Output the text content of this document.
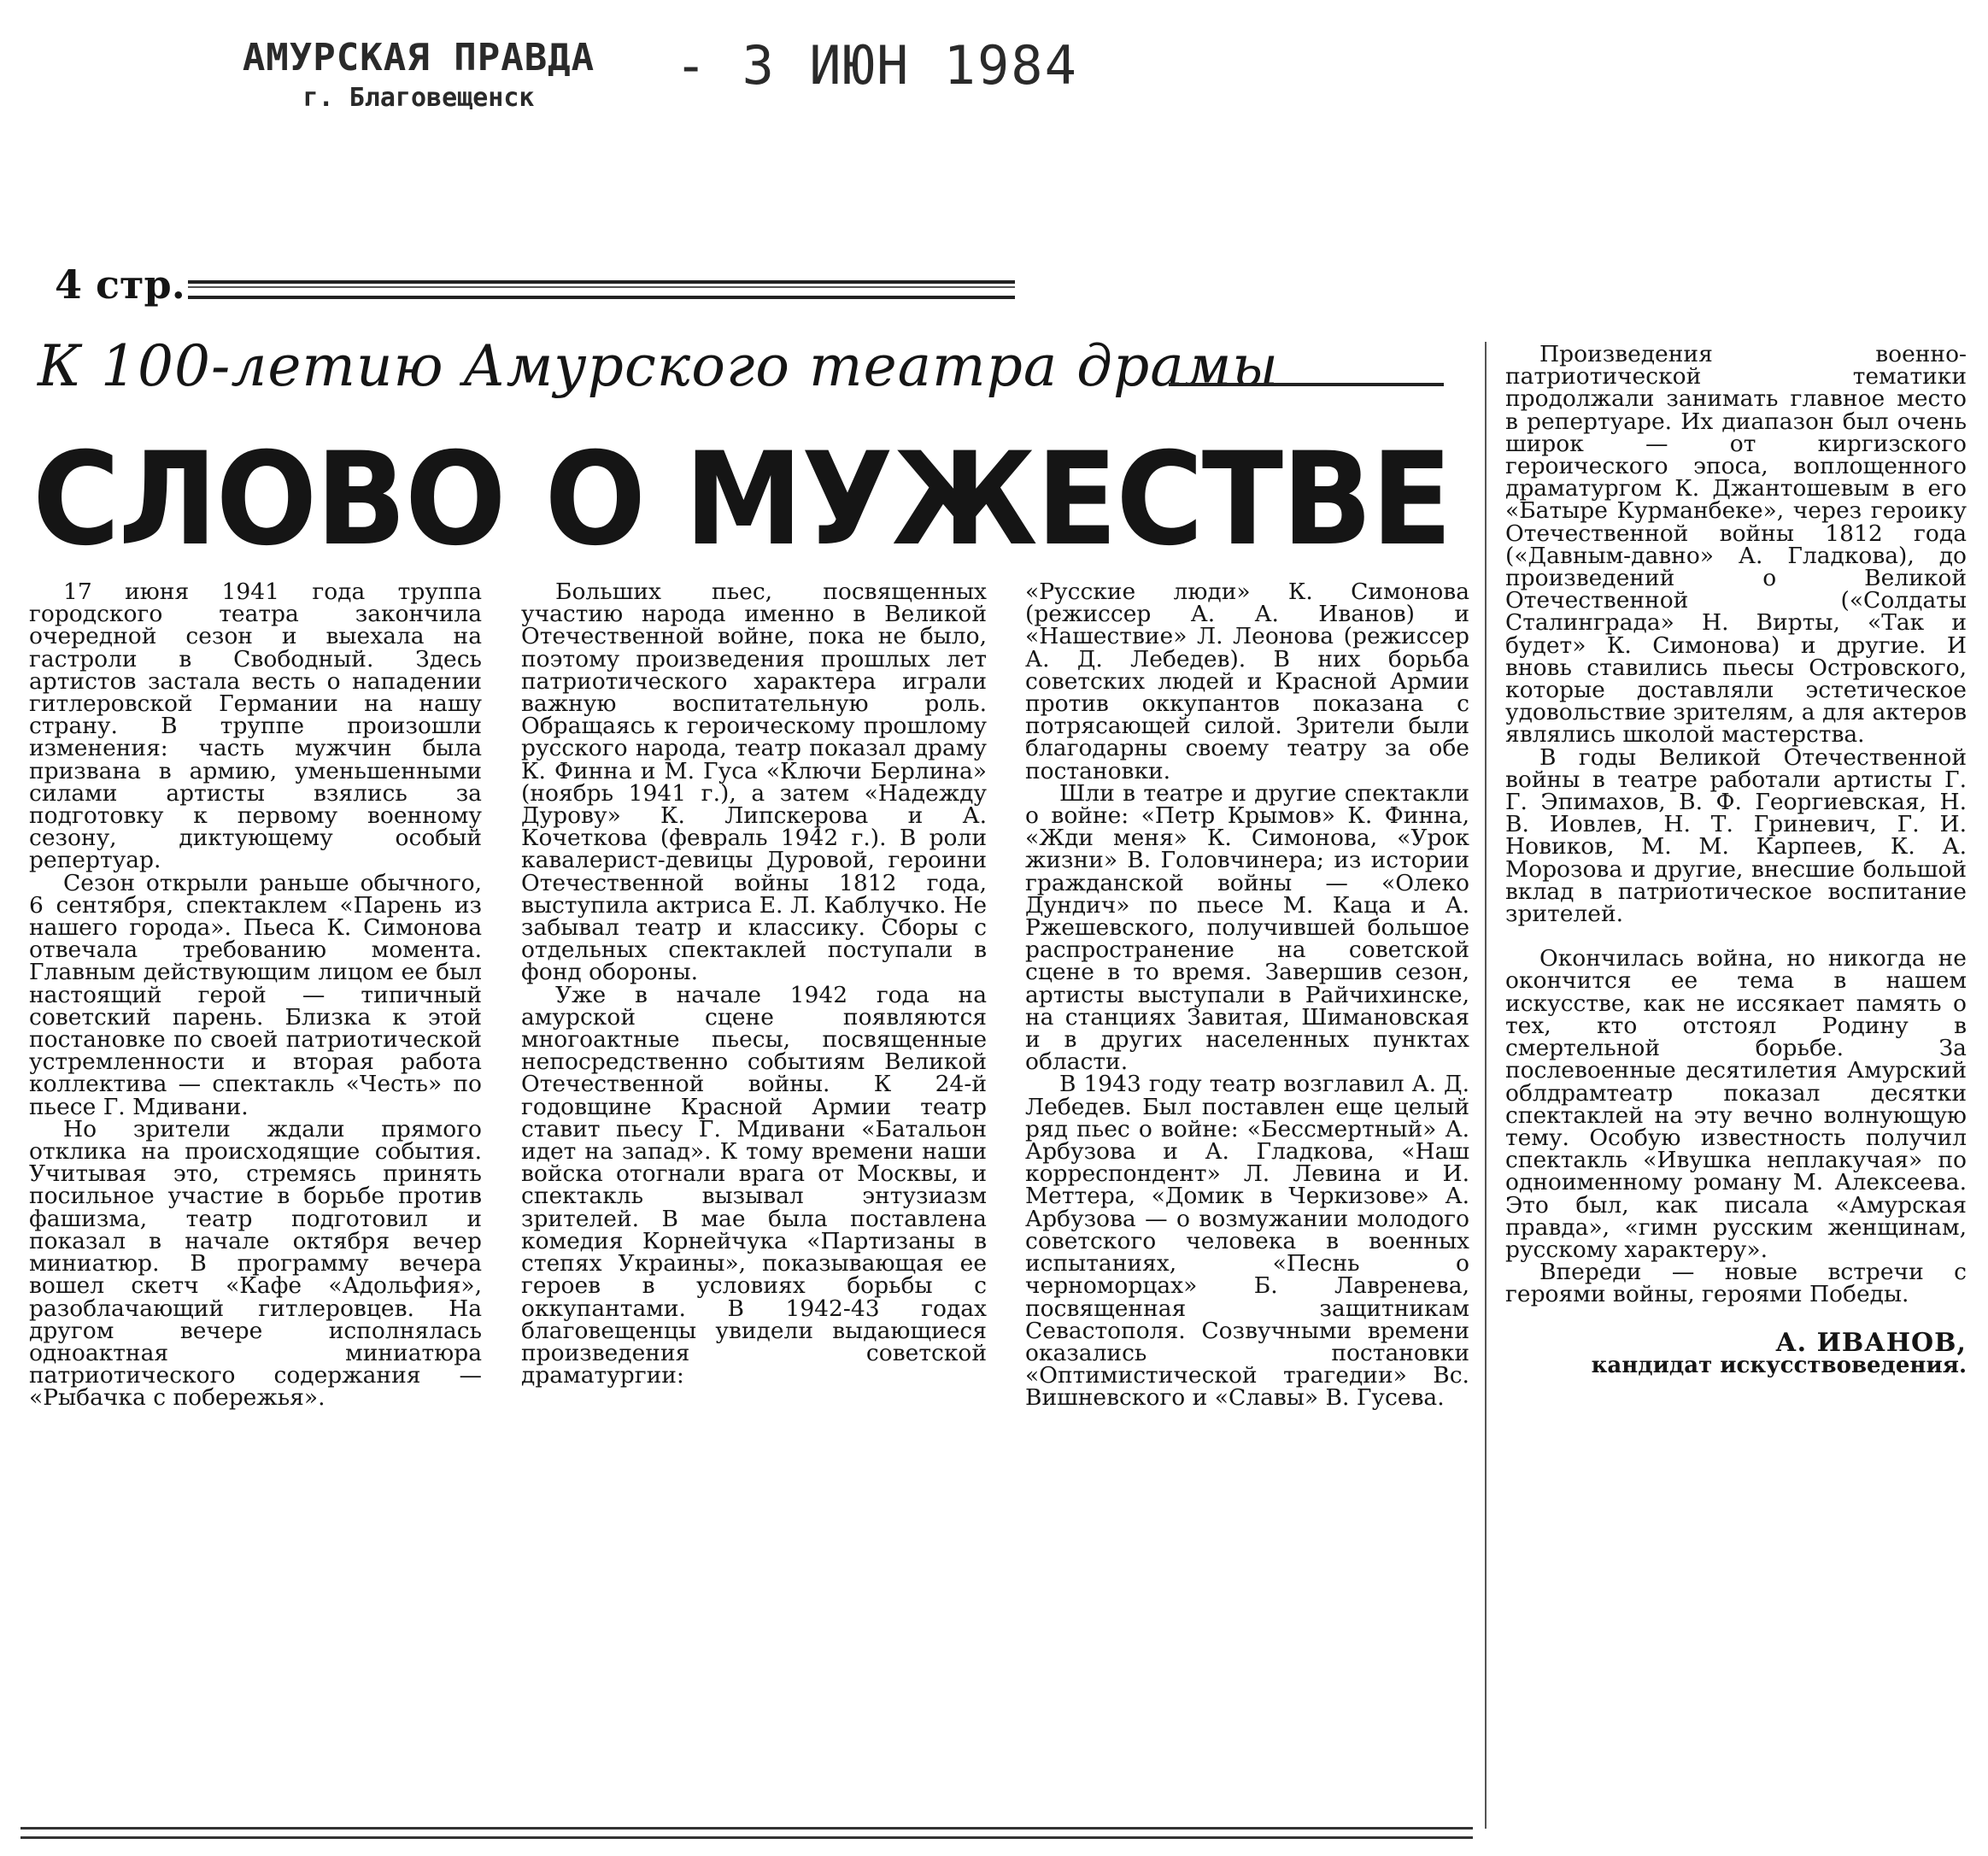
АМУРСКАЯ ПРАВДА
г. Благовещенск
- 3 ИЮН 1984
4 стр.
К 100-летию Амурского театра драмы
СЛОВО О МУЖЕСТВЕ

17 июня 1941 года труппа городского театра закончила очередной сезон и выехала на гастроли в Свободный. Здесь артистов застала весть о нападении гитлеровской Германии на нашу страну. В труппе произошли изменения: часть мужчин была призвана в армию, уменьшенными силами артисты взялись за подготовку к первому военному сезону, диктующему особый репертуар.

Сезон открыли раньше обычного, 6 сентября, спектаклем «Парень из нашего города». Пьеса К. Симонова отвечала требованию момента. Главным действующим лицом ее был настоящий герой — типичный советский парень. Близка к этой постановке по своей патриотической устремленности и вторая работа коллектива — спектакль «Честь» по пьесе Г. Мдивани.

Но зрители ждали прямого отклика на происходящие события. Учитывая это, стремясь принять посильное участие в борьбе против фашизма, театр подготовил и показал в начале октября вечер миниатюр. В программу вечера вошел скетч «Кафе «Адольфия», разоблачающий гитлеровцев. На другом вечере исполнялась одноактная миниатюра патриотического содержания — «Рыбачка с побережья».

Больших пьес, посвященных участию народа именно в Великой Отечественной войне, пока не было, поэтому произведения прошлых лет патриотического характера играли важную воспитательную роль. Обращаясь к героическому прошлому русского народа, театр показал драму К. Финна и М. Гуса «Ключи Берлина» (ноябрь 1941 г.), а затем «Надежду Дурову» К. Липскерова и А. Кочеткова (февраль 1942 г.). В роли кавалерист-девицы Дуровой, героини Отечественной войны 1812 года, выступила актриса Е. Л. Каблучко. Не забывал театр и классику. Сборы с отдельных спектаклей поступали в фонд обороны.

Уже в начале 1942 года на амурской сцене появляются многоактные пьесы, посвященные непосредственно событиям Великой Отечественной войны. К 24-й годовщине Красной Армии театр ставит пьесу Г. Мдивани «Батальон идет на запад». К тому времени наши войска отогнали врага от Москвы, и спектакль вызывал энтузиазм зрителей. В мае была поставлена комедия Корнейчука «Партизаны в степях Украины», показывающая ее героев в условиях борьбы с оккупантами. В 1942-43 годах благовещенцы увидели выдающиеся произведения советской драматургии:

«Русские люди» К. Симонова (режиссер А. А. Иванов) и «Нашествие» Л. Леонова (режиссер А. Д. Лебедев). В них борьба советских людей и Красной Армии против оккупантов показана с потрясающей силой. Зрители были благодарны своему театру за обе постановки.

Шли в театре и другие спектакли о войне: «Петр Крымов» К. Финна, «Жди меня» К. Симонова, «Урок жизни» В. Головчинера; из истории гражданской войны — «Олеко Дундич» по пьесе М. Каца и А. Ржешевского, получившей большое распространение на советской сцене в то время. Завершив сезон, артисты выступали в Райчихинске, на станциях Завитая, Шимановская и в других населенных пунктах области.

В 1943 году театр возглавил А. Д. Лебедев. Был поставлен еще целый ряд пьес о войне: «Бессмертный» А. Арбузова и А. Гладкова, «Наш корреспондент» Л. Левина и И. Меттера, «Домик в Черкизове» А. Арбузова — о возмужании молодого советского человека в военных испытаниях, «Песнь о черноморцах» Б. Лавренева, посвященная защитникам Севастополя. Созвучными времени оказались постановки «Оптимистической трагедии» Вс. Вишневского и «Славы» В. Гусева.

Произведения военно-патриотической тематики продолжали занимать главное место в репертуаре. Их диапазон был очень широк — от киргизского героического эпоса, воплощенного драматургом К. Джантошевым в его «Батыре Курманбеке», через героику Отечественной войны 1812 года («Давным-давно» А. Гладкова), до произведений о Великой Отечественной («Солдаты Сталинграда» Н. Вирты, «Так и будет» К. Симонова) и другие. И вновь ставились пьесы Островского, которые доставляли эстетическое удовольствие зрителям, а для актеров являлись школой мастерства.

В годы Великой Отечественной войны в театре работали артисты Г. Г. Эпимахов, В. Ф. Георгиевская, Н. В. Иовлев, Н. Т. Гриневич, Г. И. Новиков, М. М. Карпеев, К. А. Морозова и другие, внесшие большой вклад в патриотическое воспитание зрителей.

Окончилась война, но никогда не окончится ее тема в нашем искусстве, как не иссякает память о тех, кто отстоял Родину в смертельной борьбе. За послевоенные десятилетия Амурский облдрамтеатр показал десятки спектаклей на эту вечно волнующую тему. Особую известность получил спектакль «Ивушка неплакучая» по одноименному роману М. Алексеева. Это был, как писала «Амурская правда», «гимн русским женщинам, русскому характеру».

Впереди — новые встречи с героями войны, героями Победы.

А. ИВАНОВ,
кандидат искусствоведения.
